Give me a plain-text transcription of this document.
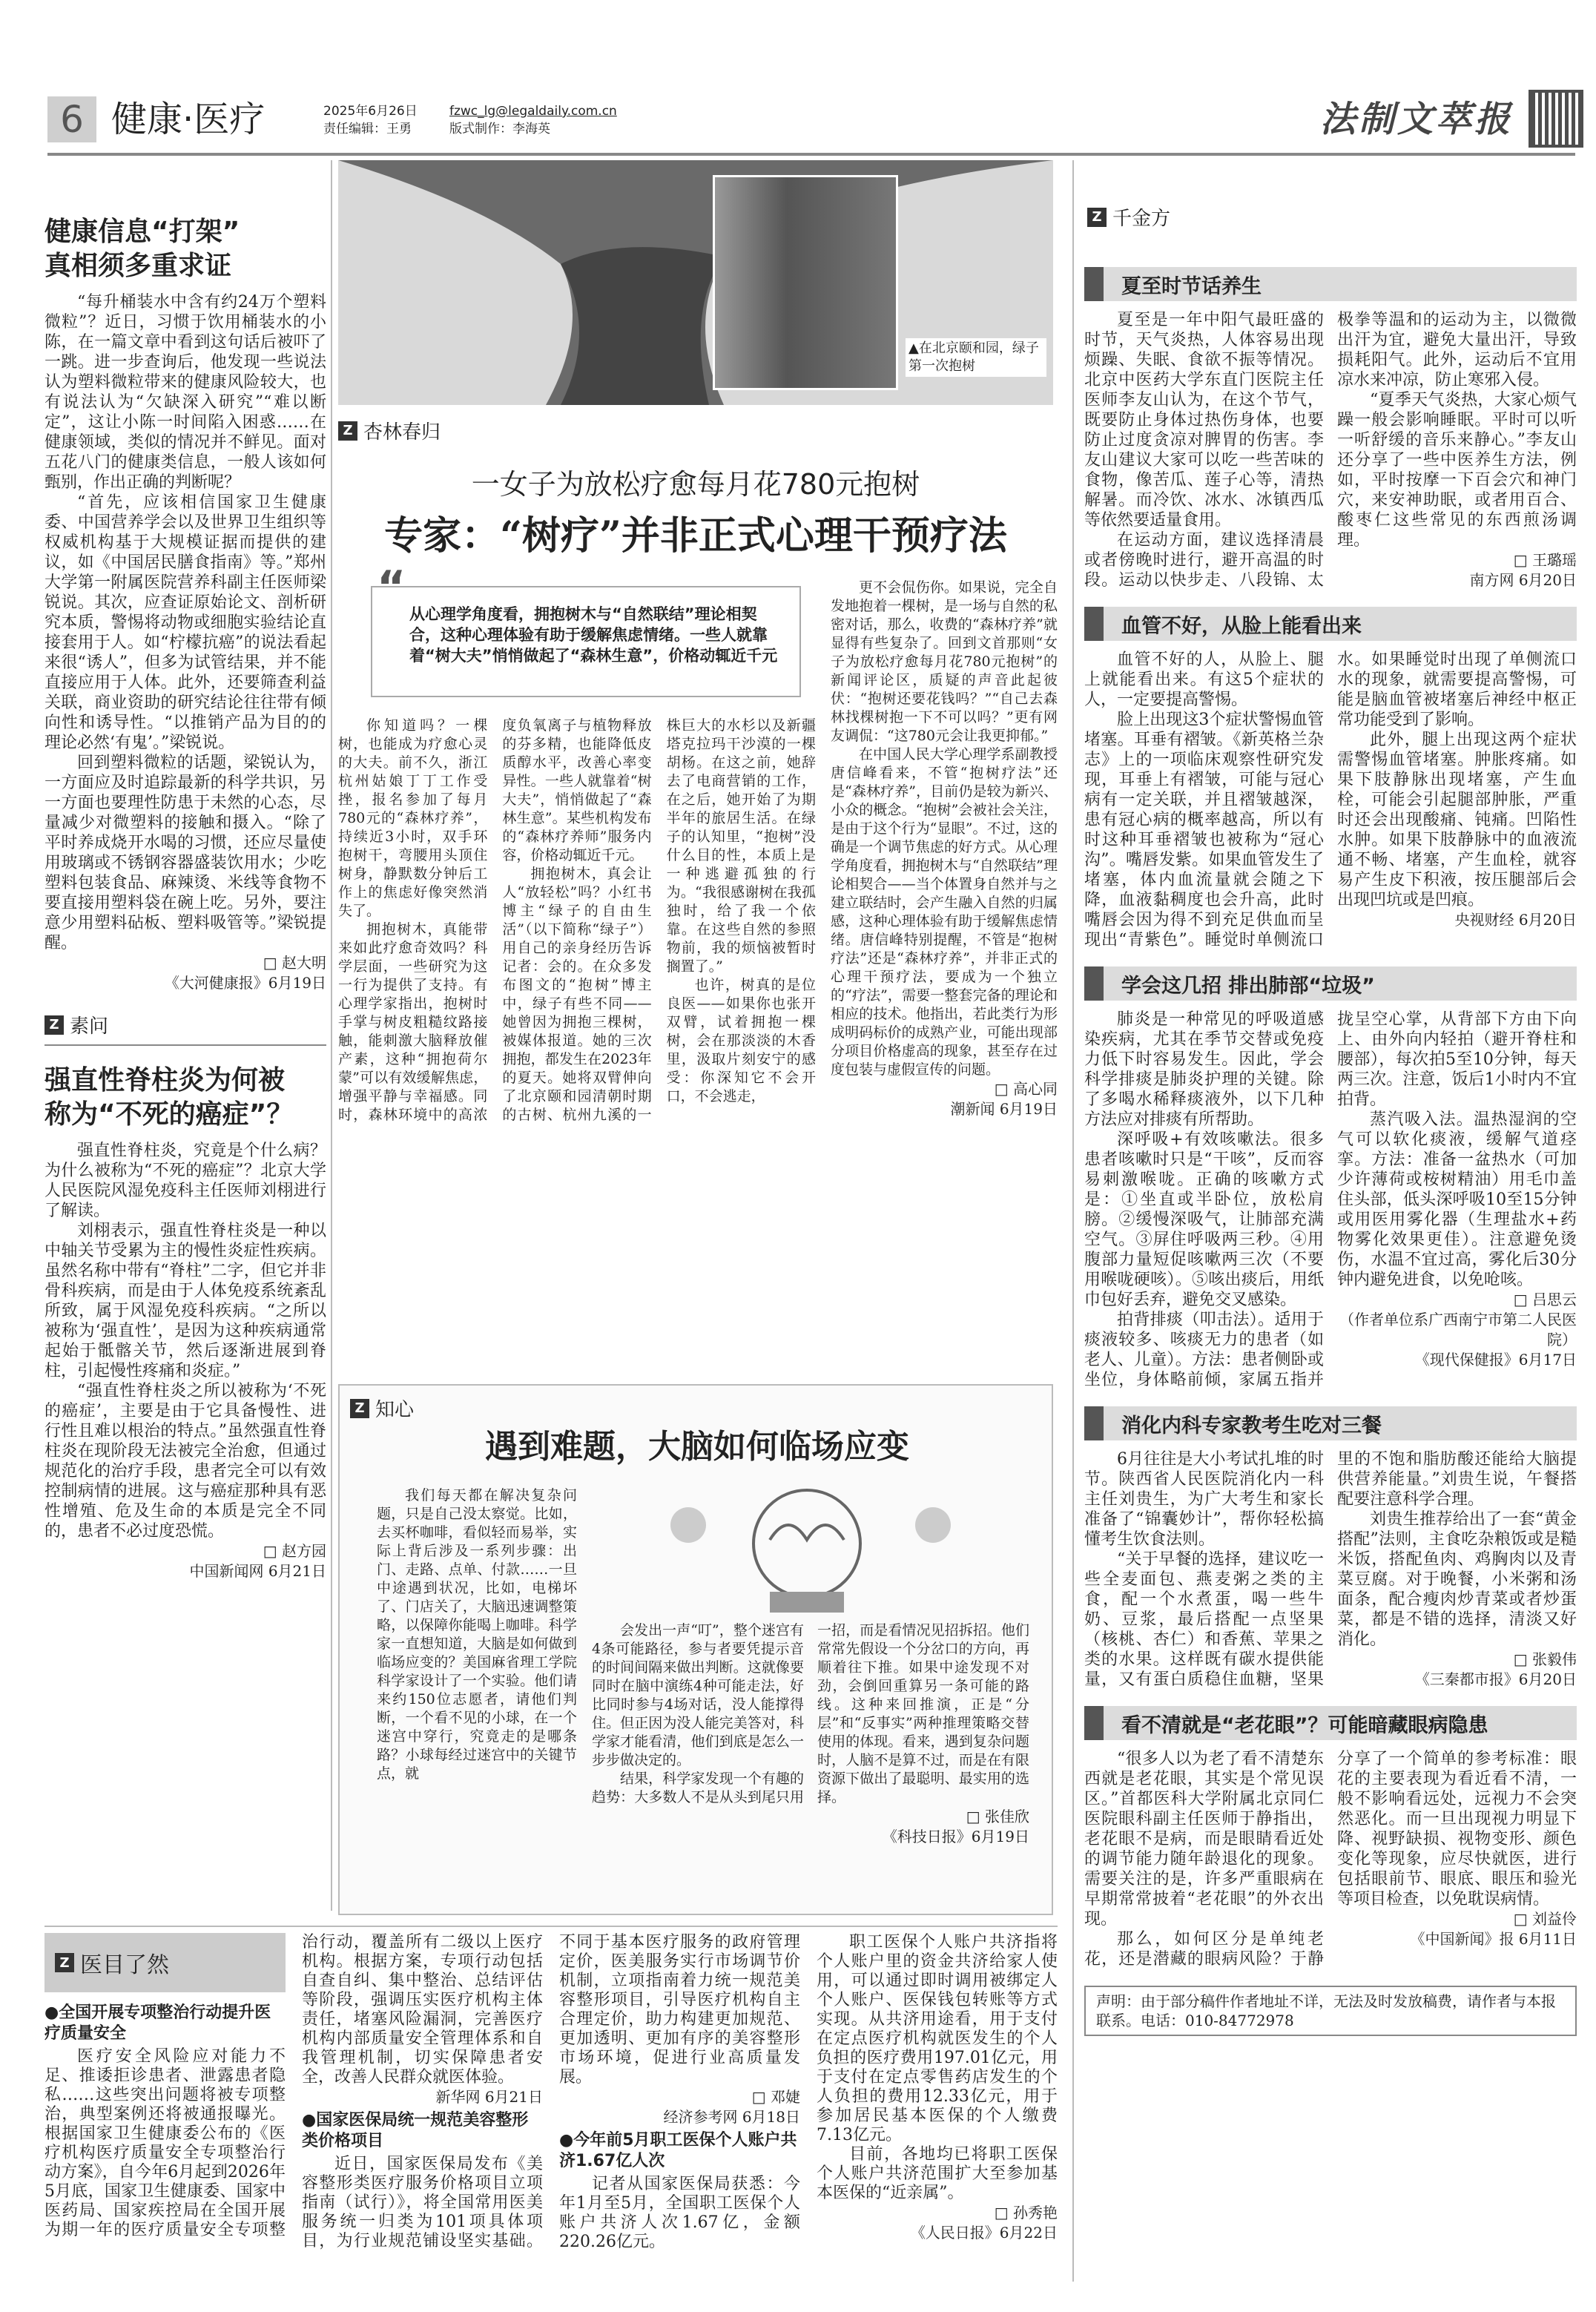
6 健康·医疗	2025年6月26日
责任编辑：王勇
fzwc_lg@legaldaily.com.cn
版式制作：李海英	法制文萃报
健康信息“打架”
真相须多重求证

“每升桶装水中含有约24万个塑料微粒”？近日，习惯于饮用桶装水的小陈，在一篇文章中看到这句话后被吓了一跳。进一步查询后，他发现一些说法认为塑料微粒带来的健康风险较大，也有说法认为“欠缺深入研究”“难以断定”，这让小陈一时间陷入困惑……在健康领域，类似的情况并不鲜见。面对五花八门的健康类信息，一般人该如何甄别，作出正确的判断呢？

“首先，应该相信国家卫生健康委、中国营养学会以及世界卫生组织等权威机构基于大规模证据而提供的建议，如《中国居民膳食指南》等。”郑州大学第一附属医院营养科副主任医师梁锐说。其次，应查证原始论文、剖析研究本质，警惕将动物或细胞实验结论直接套用于人。如“柠檬抗癌”的说法看起来很“诱人”，但多为试管结果，并不能直接应用于人体。此外，还要筛查利益关联，商业资助的研究结论往往带有倾向性和诱导性。“以推销产品为目的的理论必然‘有鬼’。”梁锐说。

回到塑料微粒的话题，梁锐认为，一方面应及时追踪最新的科学共识，另一方面也要理性防患于未然的心态，尽量减少对微塑料的接触和摄入。“除了平时养成烧开水喝的习惯，还应尽量使用玻璃或不锈钢容器盛装饮用水；少吃塑料包装食品、麻辣烫、米线等食物不要直接用塑料袋在碗上吃。另外，要注意少用塑料砧板、塑料吸管等。”梁锐提醒。

□ 赵大明
《大河健康报》6月19日
Z 素问
强直性脊柱炎为何被
称为“不死的癌症”？

强直性脊柱炎，究竟是个什么病？为什么被称为“不死的癌症”？北京大学人民医院风湿免疫科主任医师刘栩进行了解读。

刘栩表示，强直性脊柱炎是一种以中轴关节受累为主的慢性炎症性疾病。虽然名称中带有“脊柱”二字，但它并非骨科疾病，而是由于人体免疫系统紊乱所致，属于风湿免疫科疾病。“之所以被称为‘强直性’，是因为这种疾病通常起始于骶髂关节，然后逐渐进展到脊柱，引起慢性疼痛和炎症。”

“强直性脊柱炎之所以被称为‘不死的癌症’，主要是由于它具备慢性、进行性且难以根治的特点。”虽然强直性脊柱炎在现阶段无法被完全治愈，但通过规范化的治疗手段，患者完全可以有效控制病情的进展。这与癌症那种具有恶性增殖、危及生命的本质是完全不同的，患者不必过度恐慌。

□ 赵方园
中国新闻网 6月21日
▲在北京颐和园，绿子第一次抱树
Z 杏林春归
一女子为放松疗愈每月花780元抱树
专家：“树疗”并非正式心理干预疗法
“
从心理学角度看，拥抱树木与“自然联结”理论相契合，这种心理体验有助于缓解焦虑情绪。一些人就靠着“树大夫”悄悄做起了“森林生意”，价格动辄近千元

你知道吗？一棵树，也能成为疗愈心灵的大夫。前不久，浙江杭州姑娘丁丁工作受挫，报名参加了每月780元的“森林疗养”，持续近3小时，双手环抱树干，弯腰用头顶住树身，静默数分钟后工作上的焦虑好像突然消失了。

拥抱树木，真能带来如此疗愈奇效吗？科学层面，一些研究为这一行为提供了支持。有心理学家指出，抱树时手掌与树皮粗糙纹路接触，能刺激大脑释放催产素，这种“拥抱荷尔蒙”可以有效缓解焦虑，增强平静与幸福感。同时，森林环境中的高浓度负氧离子与植物释放的芬多精，也能降低皮质醇水平，改善心率变异性。一些人就靠着“树大夫”，悄悄做起了“森林生意”。某些机构发布的“森林疗养师”服务内容，价格动辄近千元。

拥抱树木，真会让人“放轻松”吗？小红书博主“绿子的自由生活”（以下简称“绿子”）用自己的亲身经历告诉记者：会的。在众多发布图文的“抱树”博主中，绿子有些不同——她曾因为拥抱三棵树，被媒体报道。她的三次拥抱，都发生在2023年的夏天。她将双臂伸向了北京颐和园清朝时期的古树、杭州九溪的一株巨大的水杉以及新疆塔克拉玛干沙漠的一棵胡杨。在这之前，她辞去了电商营销的工作，在之后，她开始了为期半年的旅居生活。在绿子的认知里，“抱树”没什么目的性，本质上是一种逃避孤独的行为。“我很感谢树在我孤独时，给了我一个依靠。在这些自然的参照物前，我的烦恼被暂时搁置了。”

也许，树真的是位良医——如果你也张开双臂，试着拥抱一棵树，会在那淡淡的木香里，汲取片刻安宁的感受：你深知它不会开口，不会逃走，

更不会侃伤你。如果说，完全自发地抱着一棵树，是一场与自然的私密对话，那么，收费的“森林疗养”就显得有些复杂了。回到文首那则“女子为放松疗愈每月花780元抱树”的新闻评论区，质疑的声音此起彼伏：“抱树还要花钱吗？”“自己去森林找棵树抱一下不可以吗？”更有网友调侃：“这780元会让我更抑郁。”

在中国人民大学心理学系副教授唐信峰看来，不管“抱树疗法”还是“森林疗养”，目前仍是较为新兴、小众的概念。“抱树”会被社会关注，是由于这个行为“显眼”。不过，这的确是一个调节焦虑的好方式。从心理学角度看，拥抱树木与“自然联结”理论相契合——当个体置身自然并与之建立联结时，会产生融入自然的归属感，这种心理体验有助于缓解焦虑情绪。唐信峰特别提醒，不管是“抱树疗法”还是“森林疗养”，并非正式的心理干预疗法，要成为一个独立的“疗法”，需要一整套完备的理论和相应的技术。他指出，若此类行为形成明码标价的成熟产业，可能出现部分项目价格虚高的现象，甚至存在过度包装与虚假宣传的问题。

□ 高心同
潮新闻 6月19日
Z 知心
遇到难题，大脑如何临场应变

我们每天都在解决复杂问题，只是自己没太察觉。比如，去买杯咖啡，看似轻而易举，实际上背后涉及一系列步骤：出门、走路、点单、付款……一旦中途遇到状况，比如，电梯坏了、门店关了，大脑迅速调整策略，以保障你能喝上咖啡。科学家一直想知道，大脑是如何做到临场应变的？美国麻省理工学院科学家设计了一个实验。他们请来约150位志愿者，请他们判断，一个看不见的小球，在一个迷宫中穿行，究竟走的是哪条路？小球每经过迷宫中的关键节点，就

会发出一声“叮”，整个迷宫有4条可能路径，参与者要凭提示音的时间间隔来做出判断。这就像要同时在脑中演练4种可能走法，好比同时参与4场对话，没人能撑得住。但正因为没人能完美答对，科学家才能看清，他们到底是怎么一步步做决定的。

结果，科学家发现一个有趣的趋势：大多数人不是从头到尾只用一招，而是看情况见招拆招。他们常常先假设一个分岔口的方向，再顺着往下推。如果中途发现不对劲，会倒回重算另一条可能的路线。这种来回推演，正是“分层”和“反事实”两种推理策略交替使用的体现。看来，遇到复杂问题时，人脑不是算不过，而是在有限资源下做出了最聪明、最实用的选择。

□ 张佳欣
《科技日报》6月19日
Z 千金方
夏至时节话养生

夏至是一年中阳气最旺盛的时节，天气炎热，人体容易出现烦躁、失眠、食欲不振等情况。北京中医药大学东直门医院主任医师李友山认为，在这个节气，既要防止身体过热伤身体，也要防止过度贪凉对脾胃的伤害。李友山建议大家可以吃一些苦味的食物，像苦瓜、莲子心等，清热解暑。而冷饮、冰水、冰镇西瓜等依然要适量食用。

在运动方面，建议选择清晨或者傍晚时进行，避开高温的时段。运动以快步走、八段锦、太极拳等温和的运动为主，以微微出汗为宜，避免大量出汗，导致损耗阳气。此外，运动后不宜用凉水来冲凉，防止寒邪入侵。

“夏季天气炎热，大家心烦气躁一般会影响睡眠。平时可以听一听舒缓的音乐来静心。”李友山还分享了一些中医养生方法，例如，平时按摩一下百会穴和神门穴，来安神助眠，或者用百合、酸枣仁这些常见的东西煎汤调理。

□ 王璐瑶
南方网 6月20日
血管不好，从脸上能看出来

血管不好的人，从脸上、腿上就能看出来。有这5个症状的人，一定要提高警惕。

脸上出现这3个症状警惕血管堵塞。耳垂有褶皱。《新英格兰杂志》上的一项临床观察性研究发现，耳垂上有褶皱，可能与冠心病有一定关联，并且褶皱越深，患有冠心病的概率越高，所以有时这种耳垂褶皱也被称为“冠心沟”。嘴唇发紫。如果血管发生了堵塞，体内血流量就会随之下降，血液黏稠度也会升高，此时嘴唇会因为得不到充足供血而呈现出“青紫色”。睡觉时单侧流口水。如果睡觉时出现了单侧流口水的现象，就需要提高警惕，可能是脑血管被堵塞后神经中枢正常功能受到了影响。

此外，腿上出现这两个症状需警惕血管堵塞。肿胀疼痛。如果下肢静脉出现堵塞，产生血栓，可能会引起腿部肿胀，严重时还会出现酸痛、钝痛。凹陷性水肿。如果下肢静脉中的血液流通不畅、堵塞，产生血栓，就容易产生皮下积液，按压腿部后会出现凹坑或是凹痕。

央视财经 6月20日
学会这几招 排出肺部“垃圾”

肺炎是一种常见的呼吸道感染疾病，尤其在季节交替或免疫力低下时容易发生。因此，学会科学排痰是肺炎护理的关键。除了多喝水稀释痰液外，以下几种方法应对排痰有所帮助。

深呼吸+有效咳嗽法。很多患者咳嗽时只是“干咳”，反而容易刺激喉咙。正确的咳嗽方式是：①坐直或半卧位，放松肩膀。②缓慢深吸气，让肺部充满空气。③屏住呼吸两三秒。④用腹部力量短促咳嗽两三次（不要用喉咙硬咳）。⑤咳出痰后，用纸巾包好丢弃，避免交叉感染。

拍背排痰（叩击法）。适用于痰液较多、咳痰无力的患者（如老人、儿童）。方法：患者侧卧或坐位，身体略前倾，家属五指并拢呈空心掌，从背部下方由下向上、由外向内轻拍（避开脊柱和腰部），每次拍5至10分钟，每天两三次。注意，饭后1小时内不宜拍背。

蒸汽吸入法。温热湿润的空气可以软化痰液，缓解气道痉挛。方法：准备一盆热水（可加少许薄荷或桉树精油）用毛巾盖住头部，低头深呼吸10至15分钟或用医用雾化器（生理盐水+药物雾化效果更佳）。注意避免烫伤，水温不宜过高，雾化后30分钟内避免进食，以免呛咳。

□ 吕思云
（作者单位系广西南宁市第二人民医院）
《现代保健报》6月17日
消化内科专家教考生吃对三餐

6月往往是大小考试扎堆的时节。陕西省人民医院消化内一科主任刘贵生，为广大考生和家长准备了“锦囊妙计”，帮你轻松搞懂考生饮食法则。

“关于早餐的选择，建议吃一些全麦面包、燕麦粥之类的主食，配一个水煮蛋，喝一些牛奶、豆浆，最后搭配一点坚果（核桃、杏仁）和香蕉、苹果之类的水果。这样既有碳水提供能量，又有蛋白质稳住血糖，坚果里的不饱和脂肪酸还能给大脑提供营养能量。”刘贵生说，午餐搭配要注意科学合理。

刘贵生推荐给出了一套“黄金搭配”法则，主食吃杂粮饭或是糙米饭，搭配鱼肉、鸡胸肉以及青菜豆腐。对于晚餐，小米粥和汤面条，配合瘦肉炒青菜或者炒蛋菜，都是不错的选择，清淡又好消化。

□ 张毅伟
《三秦都市报》6月20日
看不清就是“老花眼”？可能暗藏眼病隐患

“很多人以为老了看不清楚东西就是老花眼，其实是个常见误区。”首都医科大学附属北京同仁医院眼科副主任医师于静指出，老花眼不是病，而是眼睛看近处的调节能力随年龄退化的现象。需要关注的是，许多严重眼病在早期常常披着“老花眼”的外衣出现。

那么，如何区分是单纯老花，还是潜藏的眼病风险？于静分享了一个简单的参考标准：眼花的主要表现为看近看不清，一般不影响看远处，远视力不会突然恶化。而一旦出现视力明显下降、视野缺损、视物变形、颜色变化等现象，应尽快就医，进行包括眼前节、眼底、眼压和验光等项目检查，以免耽误病情。

□ 刘益伶
《中国新闻》报 6月11日
声明：由于部分稿件作者地址不详，无法及时发放稿费，请作者与本报联系。电话：010-84772978
Z 医目了然
●全国开展专项整治行动提升医疗质量安全

医疗安全风险应对能力不足、推诿拒诊患者、泄露患者隐私……这些突出问题将被专项整治，典型案例还将被通报曝光。根据国家卫生健康委公布的《医疗机构医疗质量安全专项整治行动方案》，自今年6月起到2026年5月底，国家卫生健康委、国家中医药局、国家疾控局在全国开展为期一年的医疗质量安全专项整治行动，覆盖所有二级以上医疗机构。根据方案，专项行动包括自查自纠、集中整治、总结评估等阶段，强调压实医疗机构主体责任，堵塞风险漏洞，完善医疗机构内部质量安全管理体系和自我管理机制，切实保障患者安全，改善人民群众就医体验。

新华网 6月21日
●国家医保局统一规范美容整形类价格项目

近日，国家医保局发布《美容整形类医疗服务价格项目立项指南（试行）》，将全国常用医美服务统一归类为101项具体项目，为行业规范铺设坚实基础。不同于基本医疗服务的政府管理定价，医美服务实行市场调节价机制，立项指南着力统一规范美容整形项目，引导医疗机构自主合理定价，助力构建更加规范、更加透明、更加有序的美容整形市场环境，促进行业高质量发展。

□ 邓婕
经济参考网 6月18日
●今年前5月职工医保个人账户共济1.67亿人次

记者从国家医保局获悉：今年1月至5月，全国职工医保个人账户共济人次1.67亿，金额220.26亿元。

职工医保个人账户共济指将个人账户里的资金共济给家人使用，可以通过即时调用被绑定人个人账户、医保钱包转账等方式实现。从共济用途看，用于支付在定点医疗机构就医发生的个人负担的医疗费用197.01亿元，用于支付在定点零售药店发生的个人负担的费用12.33亿元，用于参加居民基本医保的个人缴费7.13亿元。

目前，各地均已将职工医保个人账户共济范围扩大至参加基本医保的“近亲属”。

□ 孙秀艳
《人民日报》6月22日
